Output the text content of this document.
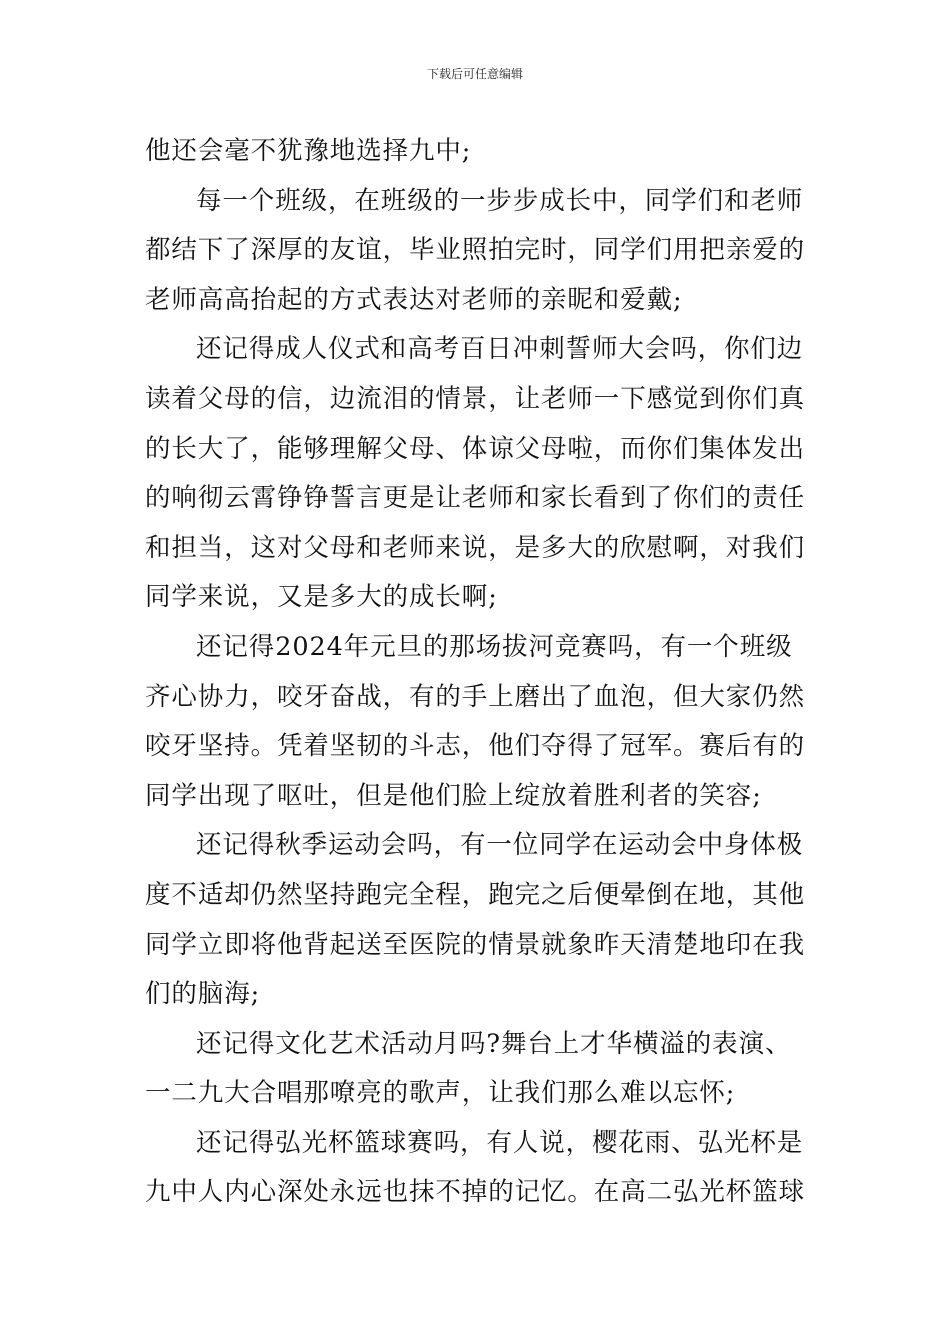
下载后可任意编辑

他还会毫不犹豫地选择九中;

每一个班级，在班级的一步步成长中，同学们和老师都结下了深厚的友谊，毕业照拍完时，同学们用把亲爱的老师高高抬起的方式表达对老师的亲昵和爱戴;

还记得成人仪式和高考百日冲刺誓师大会吗，你们边读着父母的信，边流泪的情景，让老师一下感觉到你们真的长大了，能够理解父母、体谅父母啦，而你们集体发出的响彻云霄铮铮誓言更是让老师和家长看到了你们的责任和担当，这对父母和老师来说，是多大的欣慰啊，对我们同学来说，又是多大的成长啊;

还记得2024年元旦的那场拔河竞赛吗，有一个班级齐心协力，咬牙奋战，有的手上磨出了血泡，但大家仍然咬牙坚持。凭着坚韧的斗志，他们夺得了冠军。赛后有的同学出现了呕吐，但是他们脸上绽放着胜利者的笑容;

还记得秋季运动会吗，有一位同学在运动会中身体极度不适却仍然坚持跑完全程，跑完之后便晕倒在地，其他同学立即将他背起送至医院的情景就象昨天清楚地印在我们的脑海;

还记得文化艺术活动月吗?舞台上才华横溢的表演、一二九大合唱那嘹亮的歌声，让我们那么难以忘怀;

还记得弘光杯篮球赛吗，有人说，樱花雨、弘光杯是九中人内心深处永远也抹不掉的记忆。在高二弘光杯篮球
